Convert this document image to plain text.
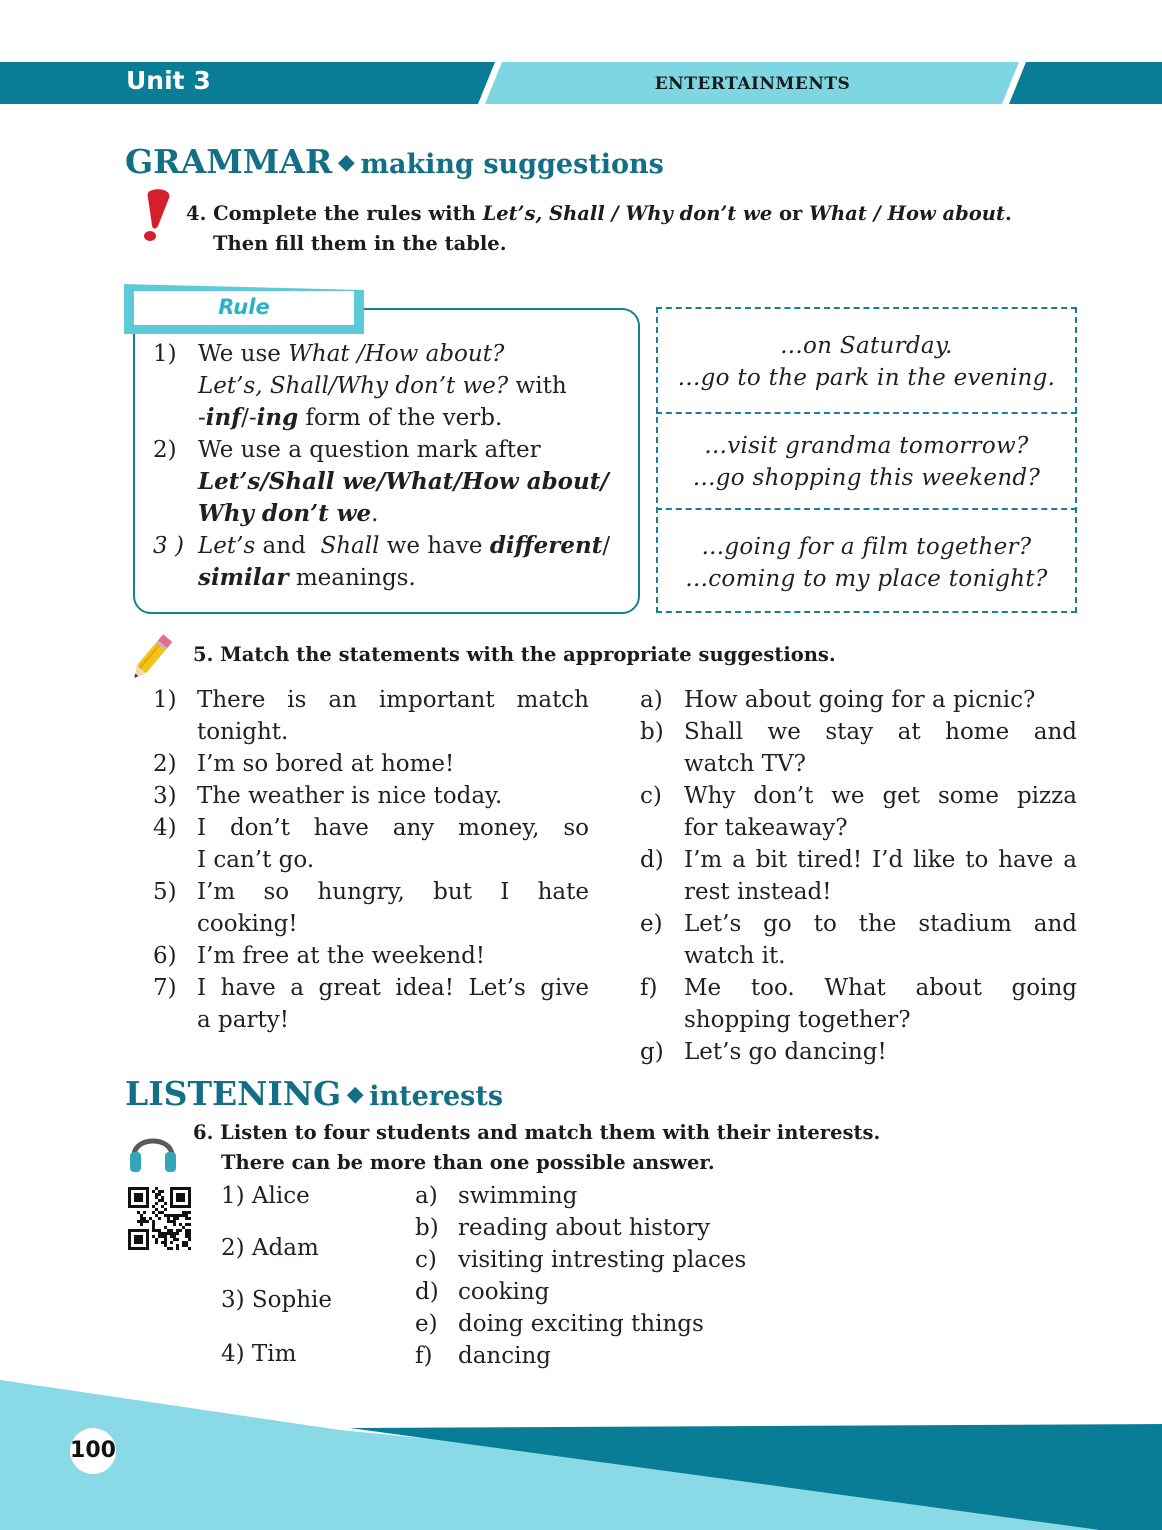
Unit 3	ENTERTAINMENTS
GRAMMAR ◆ making suggestions
4. Complete the rules with Let’s, Shall / Why don’t we or What / How about.
Then fill them in the table.
Rule
1) We use What /How about?
Let’s, Shall/Why don’t we? with
-inf/-ing form of the verb.
2) We use a question mark after
Let’s/Shall we/What/How about/
Why don’t we.
3 ) Let’s and  Shall we have different/
similar meanings.
...on Saturday.
...go to the park in the evening.
...visit grandma tomorrow?
...go shopping this weekend?
...going for a film together?
...coming to my place tonight?
5. Match the statements with the appropriate suggestions.
1) There is an important match
tonight.
2) I’m so bored at home!
3) The weather is nice today.
4) I don’t have any money, so
I can’t go.
5) I’m so hungry, but I hate
cooking!
6) I’m free at the weekend!
7) I have a great idea! Let’s give
a party!
a) How about going for a picnic?
b) Shall we stay at home and
watch TV?
c) Why don’t we get some pizza
for takeaway?
d) I’m a bit tired! I’d like to have a
rest instead!
e) Let’s go to the stadium and
watch it.
f) Me too. What about going
shopping together?
g) Let’s go dancing!
LISTENING ◆ interests
6. Listen to four students and match them with their interests.
There can be more than one possible answer.
1) Alice
2) Adam
3) Sophie
4) Tim
a) swimming
b) reading about history
c) visiting intresting places
d) cooking
e) doing exciting things
f) dancing
100
